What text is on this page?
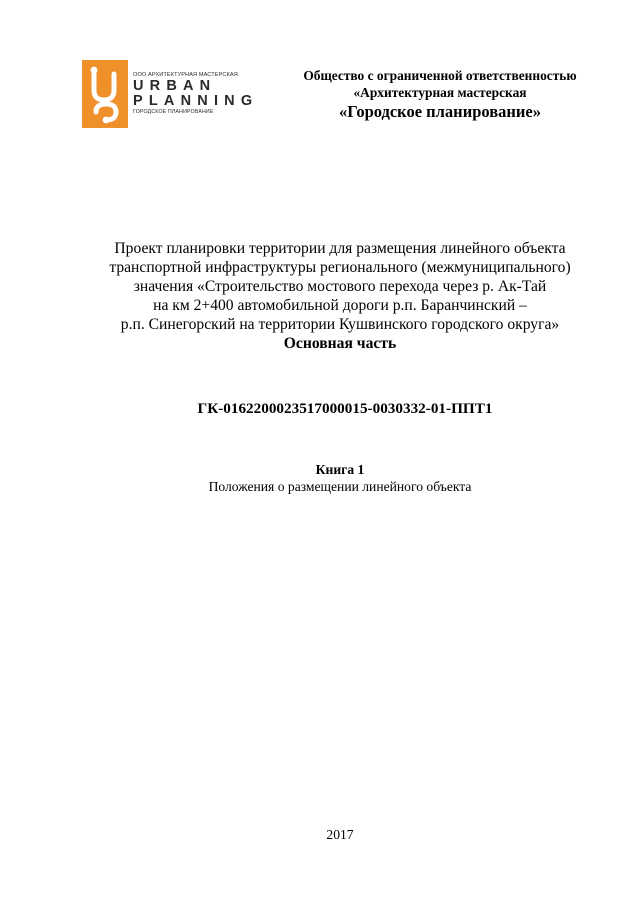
ООО АРХИТЕКТУРНАЯ МАСТЕРСКАЯ
URBAN
PLANNING
ГОРОДСКОЕ ПЛАНИРОВАНИЕ
Общество с ограниченной ответственностью
«Архитектурная мастерская
«Городское планирование»
Проект планировки территории для размещения линейного объекта
транспортной инфраструктуры регионального (межмуниципального)
значения «Строительство мостового перехода через р. Ак-Тай
на км 2+400 автомобильной дороги р.п. Баранчинский –
р.п. Синегорский на территории Кушвинского городского округа»
Основная часть
ГК-0162200023517000015-0030332-01-ППТ1
Книга 1
Положения о размещении линейного объекта
2017
